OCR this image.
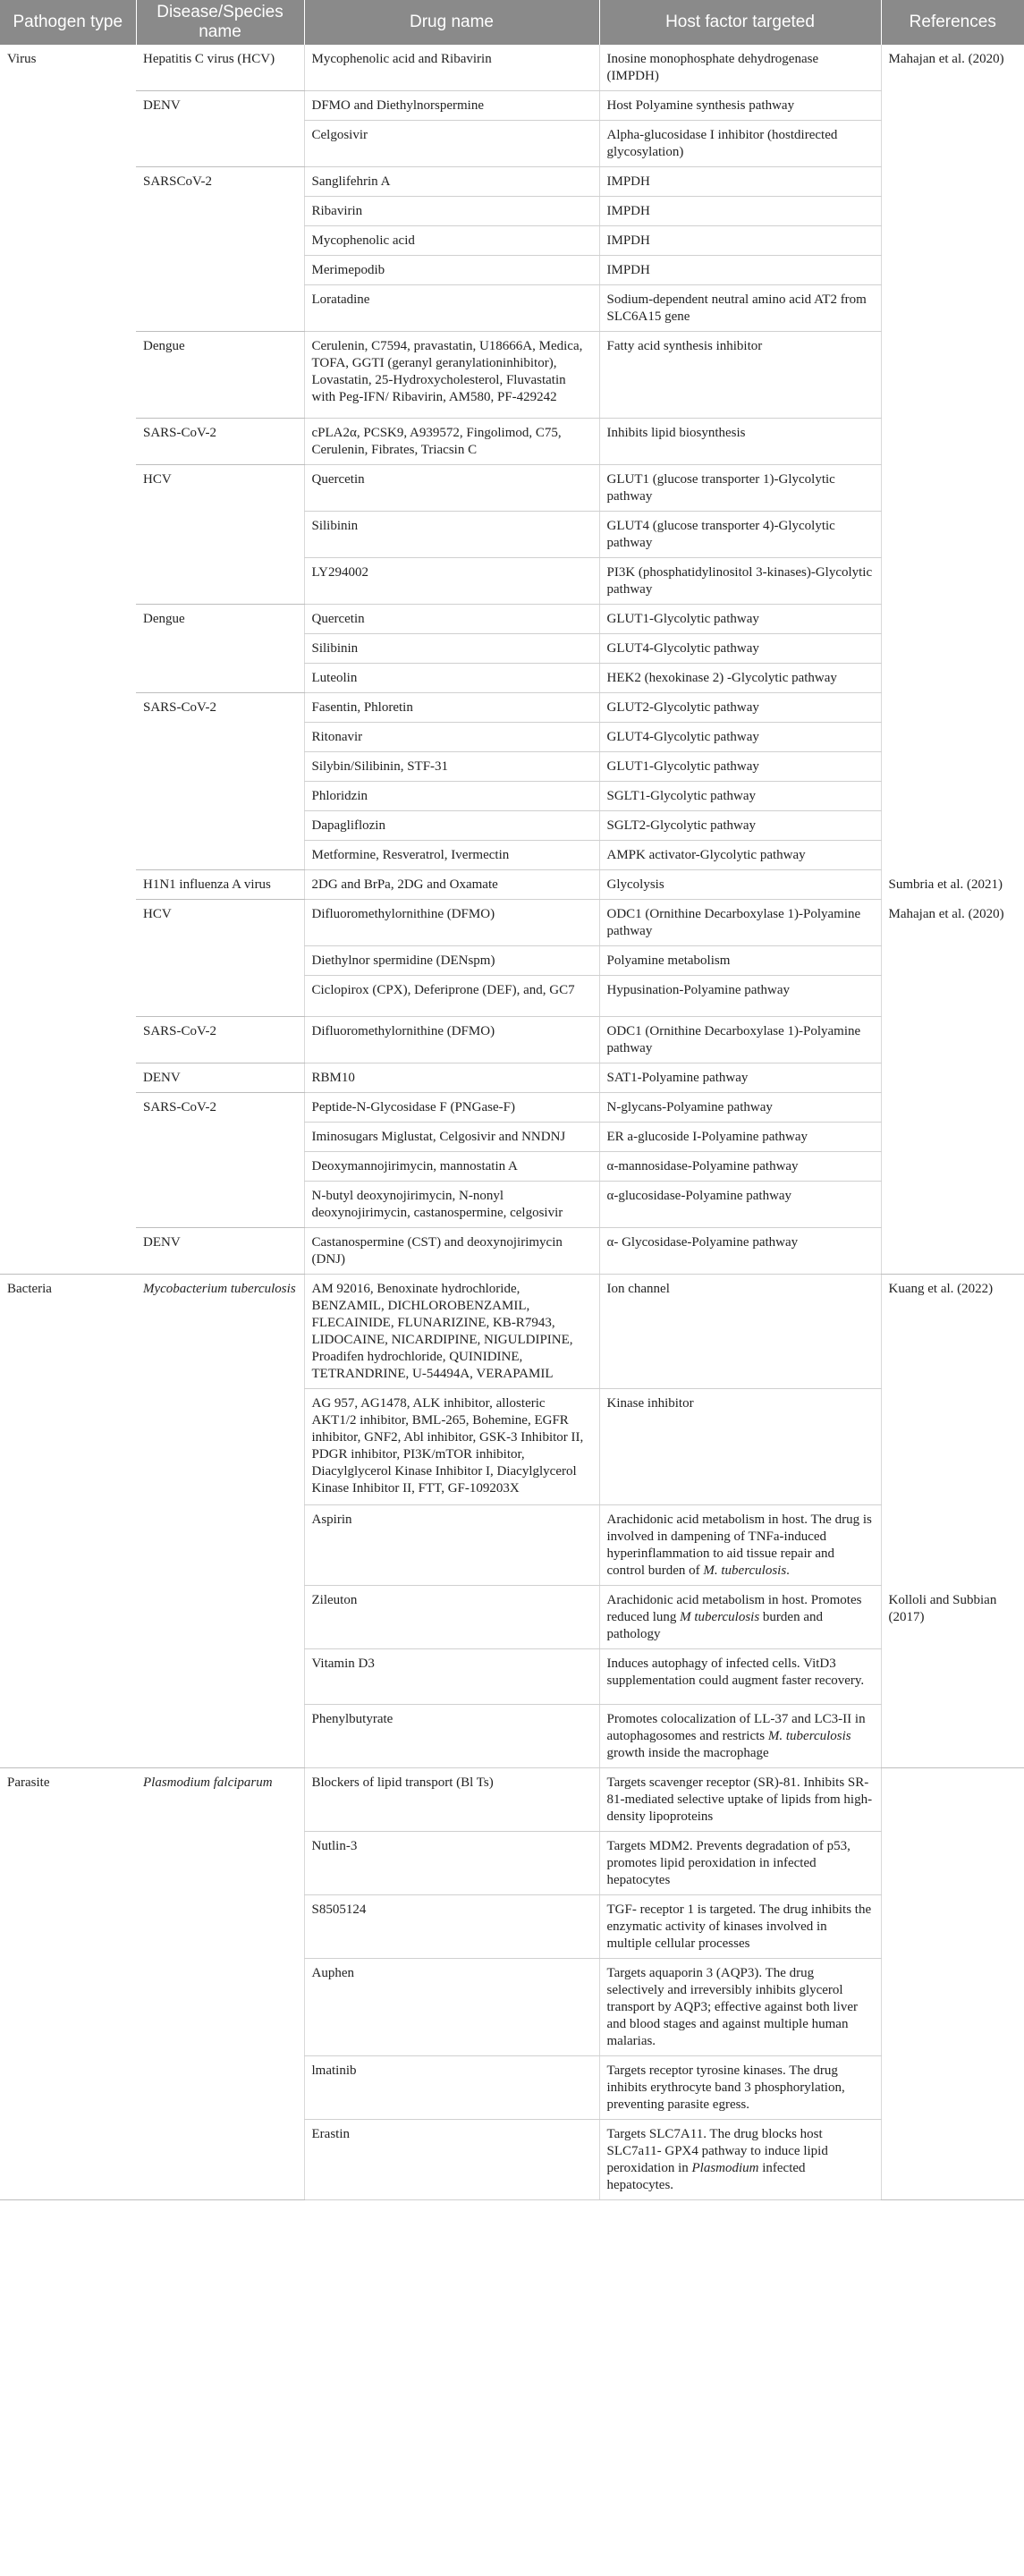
Pathogen type	Disease/Species name	Drug name	Host factor targeted	References
Virus	Hepatitis C virus (HCV)	Mycophenolic acid and Ribavirin	Inosine monophosphate dehydrogenase (IMPDH)	Mahajan et al. (2020)
	DENV	DFMO and Diethylnorspermine	Host Polyamine synthesis pathway	
		Celgosivir	Alpha-glucosidase I inhibitor (hostdirected glycosylation)	
	SARSCoV-2	Sanglifehrin A	IMPDH	
		Ribavirin	IMPDH	
		Mycophenolic acid	IMPDH	
		Merimepodib	IMPDH	
		Loratadine	Sodium-dependent neutral amino acid AT2 from SLC6A15 gene	
	Dengue	Cerulenin, C7594, pravastatin, U18666A, Medica, TOFA, GGTI (geranyl geranylationinhibitor), Lovastatin, 25-Hydroxycholesterol, Fluvastatin with Peg-IFN/ Ribavirin, AM580, PF-429242	Fatty acid synthesis inhibitor	
	SARS-CoV-2	cPLA2α, PCSK9, A939572, Fingolimod, C75, Cerulenin, Fibrates, Triacsin C	Inhibits lipid biosynthesis	
	HCV	Quercetin	GLUT1 (glucose transporter 1)-Glycolytic pathway	
		Silibinin	GLUT4 (glucose transporter 4)-Glycolytic pathway	
		LY294002	PI3K (phosphatidylinositol 3-kinases)-Glycolytic pathway	
	Dengue	Quercetin	GLUT1-Glycolytic pathway	
		Silibinin	GLUT4-Glycolytic pathway	
		Luteolin	HEK2 (hexokinase 2) -Glycolytic pathway	
	SARS-CoV-2	Fasentin, Phloretin	GLUT2-Glycolytic pathway	
		Ritonavir	GLUT4-Glycolytic pathway	
		Silybin/Silibinin, STF-31	GLUT1-Glycolytic pathway	
		Phloridzin	SGLT1-Glycolytic pathway	
		Dapagliflozin	SGLT2-Glycolytic pathway	
		Metformine, Resveratrol, Ivermectin	AMPK activator-Glycolytic pathway	
	H1N1 influenza A virus	2DG and BrPa, 2DG and Oxamate	Glycolysis	Sumbria et al. (2021)
	HCV	Difluoromethylornithine (DFMO)	ODC1 (Ornithine Decarboxylase 1)-Polyamine pathway	Mahajan et al. (2020)
		Diethylnor spermidine (DENspm)	Polyamine metabolism	
		Ciclopirox (CPX), Deferiprone (DEF), and, GC7	Hypusination-Polyamine pathway	
	SARS-CoV-2	Difluoromethylornithine (DFMO)	ODC1 (Ornithine Decarboxylase 1)-Polyamine pathway	
	DENV	RBM10	SAT1-Polyamine pathway	
	SARS-CoV-2	Peptide-N-Glycosidase F (PNGase-F)	N-glycans-Polyamine pathway	
		Iminosugars Miglustat, Celgosivir and NNDNJ	ER a-glucoside I-Polyamine pathway	
		Deoxymannojirimycin, mannostatin A	α-mannosidase-Polyamine pathway	
		N-butyl deoxynojirimycin, N-nonyl deoxynojirimycin, castanospermine, celgosivir	α-glucosidase-Polyamine pathway	
	DENV	Castanospermine (CST) and deoxynojirimycin (DNJ)	α- Glycosidase-Polyamine pathway	
Bacteria	Mycobacterium tuberculosis	AM 92016, Benoxinate hydrochloride, BENZAMIL, DICHLOROBENZAMIL, FLECAINIDE, FLUNARIZINE, KB-R7943, LIDOCAINE, NICARDIPINE, NIGULDIPINE, Proadifen hydrochloride, QUINIDINE, TETRANDRINE, U-54494A, VERAPAMIL	Ion channel	Kuang et al. (2022)
		AG 957, AG1478, ALK inhibitor, allosteric AKT1/2 inhibitor, BML-265, Bohemine, EGFR inhibitor, GNF2, Abl inhibitor, GSK-3 Inhibitor II, PDGR inhibitor, PI3K/mTOR inhibitor, Diacylglycerol Kinase Inhibitor I, Diacylglycerol Kinase Inhibitor II, FTT, GF-109203X	Kinase inhibitor	
		Aspirin	Arachidonic acid metabolism in host. The drug is involved in dampening of TNFa-induced hyperinflammation to aid tissue repair and control burden of M. tuberculosis.	
		Zileuton	Arachidonic acid metabolism in host. Promotes reduced lung M tuberculosis burden and pathology	Kolloli and Subbian (2017)
		Vitamin D3	Induces autophagy of infected cells. VitD3 supplementation could augment faster recovery.	
		Phenylbutyrate	Promotes colocalization of LL-37 and LC3-II in autophagosomes and restricts M. tuberculosis growth inside the macrophage	
Parasite	Plasmodium falciparum	Blockers of lipid transport (Bl Ts)	Targets scavenger receptor (SR)-81. Inhibits SR-81-mediated selective uptake of lipids from high-density lipoproteins	
		Nutlin-3	Targets MDM2. Prevents degradation of p53, promotes lipid peroxidation in infected hepatocytes	
		S8505124	TGF- receptor 1 is targeted. The drug inhibits the enzymatic activity of kinases involved in multiple cellular processes	
		Auphen	Targets aquaporin 3 (AQP3). The drug selectively and irreversibly inhibits glycerol transport by AQP3; effective against both liver and blood stages and against multiple human malarias.	
		lmatinib	Targets receptor tyrosine kinases. The drug inhibits erythrocyte band 3 phosphorylation, preventing parasite egress.	
		Erastin	Targets SLC7A11. The drug blocks host SLC7a11- GPX4 pathway to induce lipid peroxidation in Plasmodium infected hepatocytes.	
